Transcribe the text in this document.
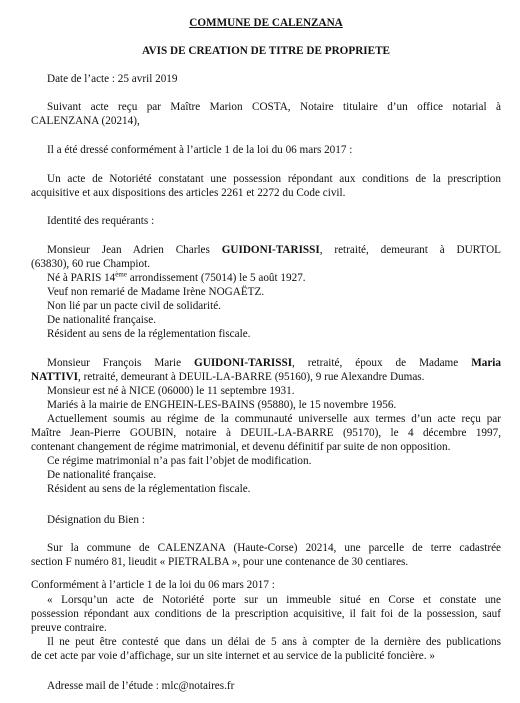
COMMUNE DE CALENZANA

AVIS DE CREATION DE TITRE DE PROPRIETE

Date de l’acte : 25 avril 2019

Suivant acte reçu par Maître Marion COSTA, Notaire titulaire d’un office notarial à
CALENZANA (20214),

Il a été dressé conformément à l’article 1 de la loi du 06 mars 2017 :

Un acte de Notoriété constatant une possession répondant aux conditions de la prescription
acquisitive et aux dispositions des articles 2261 et 2272 du Code civil.

Identité des requérants :

Monsieur Jean Adrien Charles GUIDONI-TARISSI, retraité, demeurant à DURTOL
(63830), 60 rue Champiot.
Né à PARIS 14ème arrondissement (75014) le 5 août 1927.
Veuf non remarié de Madame Irène NOGAËTZ.
Non lié par un pacte civil de solidarité.
De nationalité française.
Résident au sens de la réglementation fiscale.
Monsieur François Marie GUIDONI-TARISSI, retraité, époux de Madame Maria
NATTIVI, retraité, demeurant à DEUIL-LA-BARRE (95160), 9 rue Alexandre Dumas.
Monsieur est né à NICE (06000) le 11 septembre 1931.
Mariés à la mairie de ENGHEIN-LES-BAINS (95880), le 15 novembre 1956.
Actuellement soumis au régime de la communauté universelle aux termes d’un acte reçu par
Maître Jean-Pierre GOUBIN, notaire à DEUIL-LA-BARRE (95170), le 4 décembre 1997,
contenant changement de régime matrimonial, et devenu définitif par suite de non opposition.
Ce régime matrimonial n’a pas fait l’objet de modification.
De nationalité française.
Résident au sens de la réglementation fiscale.

Désignation du Bien :

Sur la commune de CALENZANA (Haute-Corse) 20214, une parcelle de terre cadastrée
section F numéro 81, lieudit « PIETRALBA », pour une contenance de 30 centiares.

Conformément à l’article 1 de la loi du 06 mars 2017 :

« Lorsqu’un acte de Notoriété porte sur un immeuble situé en Corse et constate une
possession répondant aux conditions de la prescription acquisitive, il fait foi de la possession, sauf
preuve contraire.
Il ne peut être contesté que dans un délai de 5 ans à compter de la dernière des publications
de cet acte par voie d’affichage, sur un site internet et au service de la publicité foncière. »

Adresse mail de l’étude : mlc@notaires.fr
